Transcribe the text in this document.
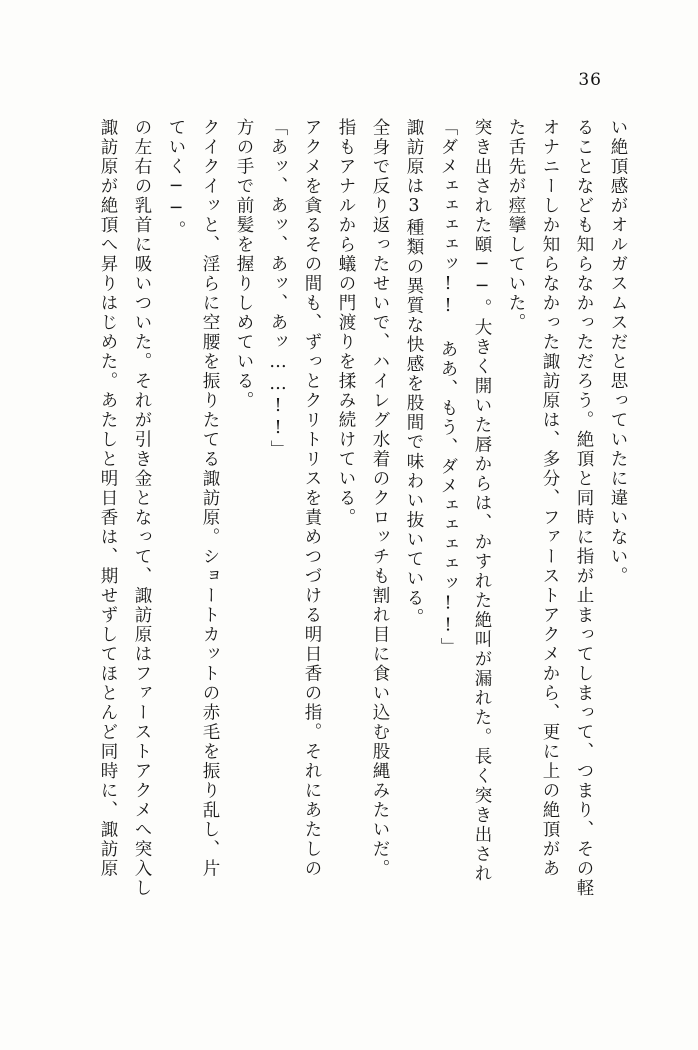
36
諏訪原が絶頂へ昇りはじめた。あたしと明日香は、期せずしてほとんど同時に、諏訪原 の左右の乳首に吸いついた。それが引き金となって、諏訪原はファーストアクメへ突入し ていく──。 クイクイッと、淫らに空腰を振りたてる諏訪原。ショートカットの赤毛を振り乱し、片 方の手で前髪を握りしめている。 「あッ、あッ、あッ、あッ……!!」 アクメを貪るその間も、ずっとクリトリスを責めつづける明日香の指。それにあたしの 指もアナルから蟻の門渡りを揉み続けている。 全身で反り返ったせいで、ハイレグ水着のクロッチも割れ目に食い込む股縄みたいだ。 諏訪原は3種類の異質な快感を股間で味わい抜いている。 「ダメェェェェッ!! ああ、もう、ダメェェェェッ!!」 突き出された頤──。大きく開いた唇からは、かすれた絶叫が漏れた。長く突き出され た舌先が痙攣していた。 オナニーしか知らなかった諏訪原は、多分、ファーストアクメから、更に上の絶頂があ ることなども知らなかっただろう。絶頂と同時に指が止まってしまって、つまり、その軽 い絶頂感がオルガスムスだと思っていたに違いない。
